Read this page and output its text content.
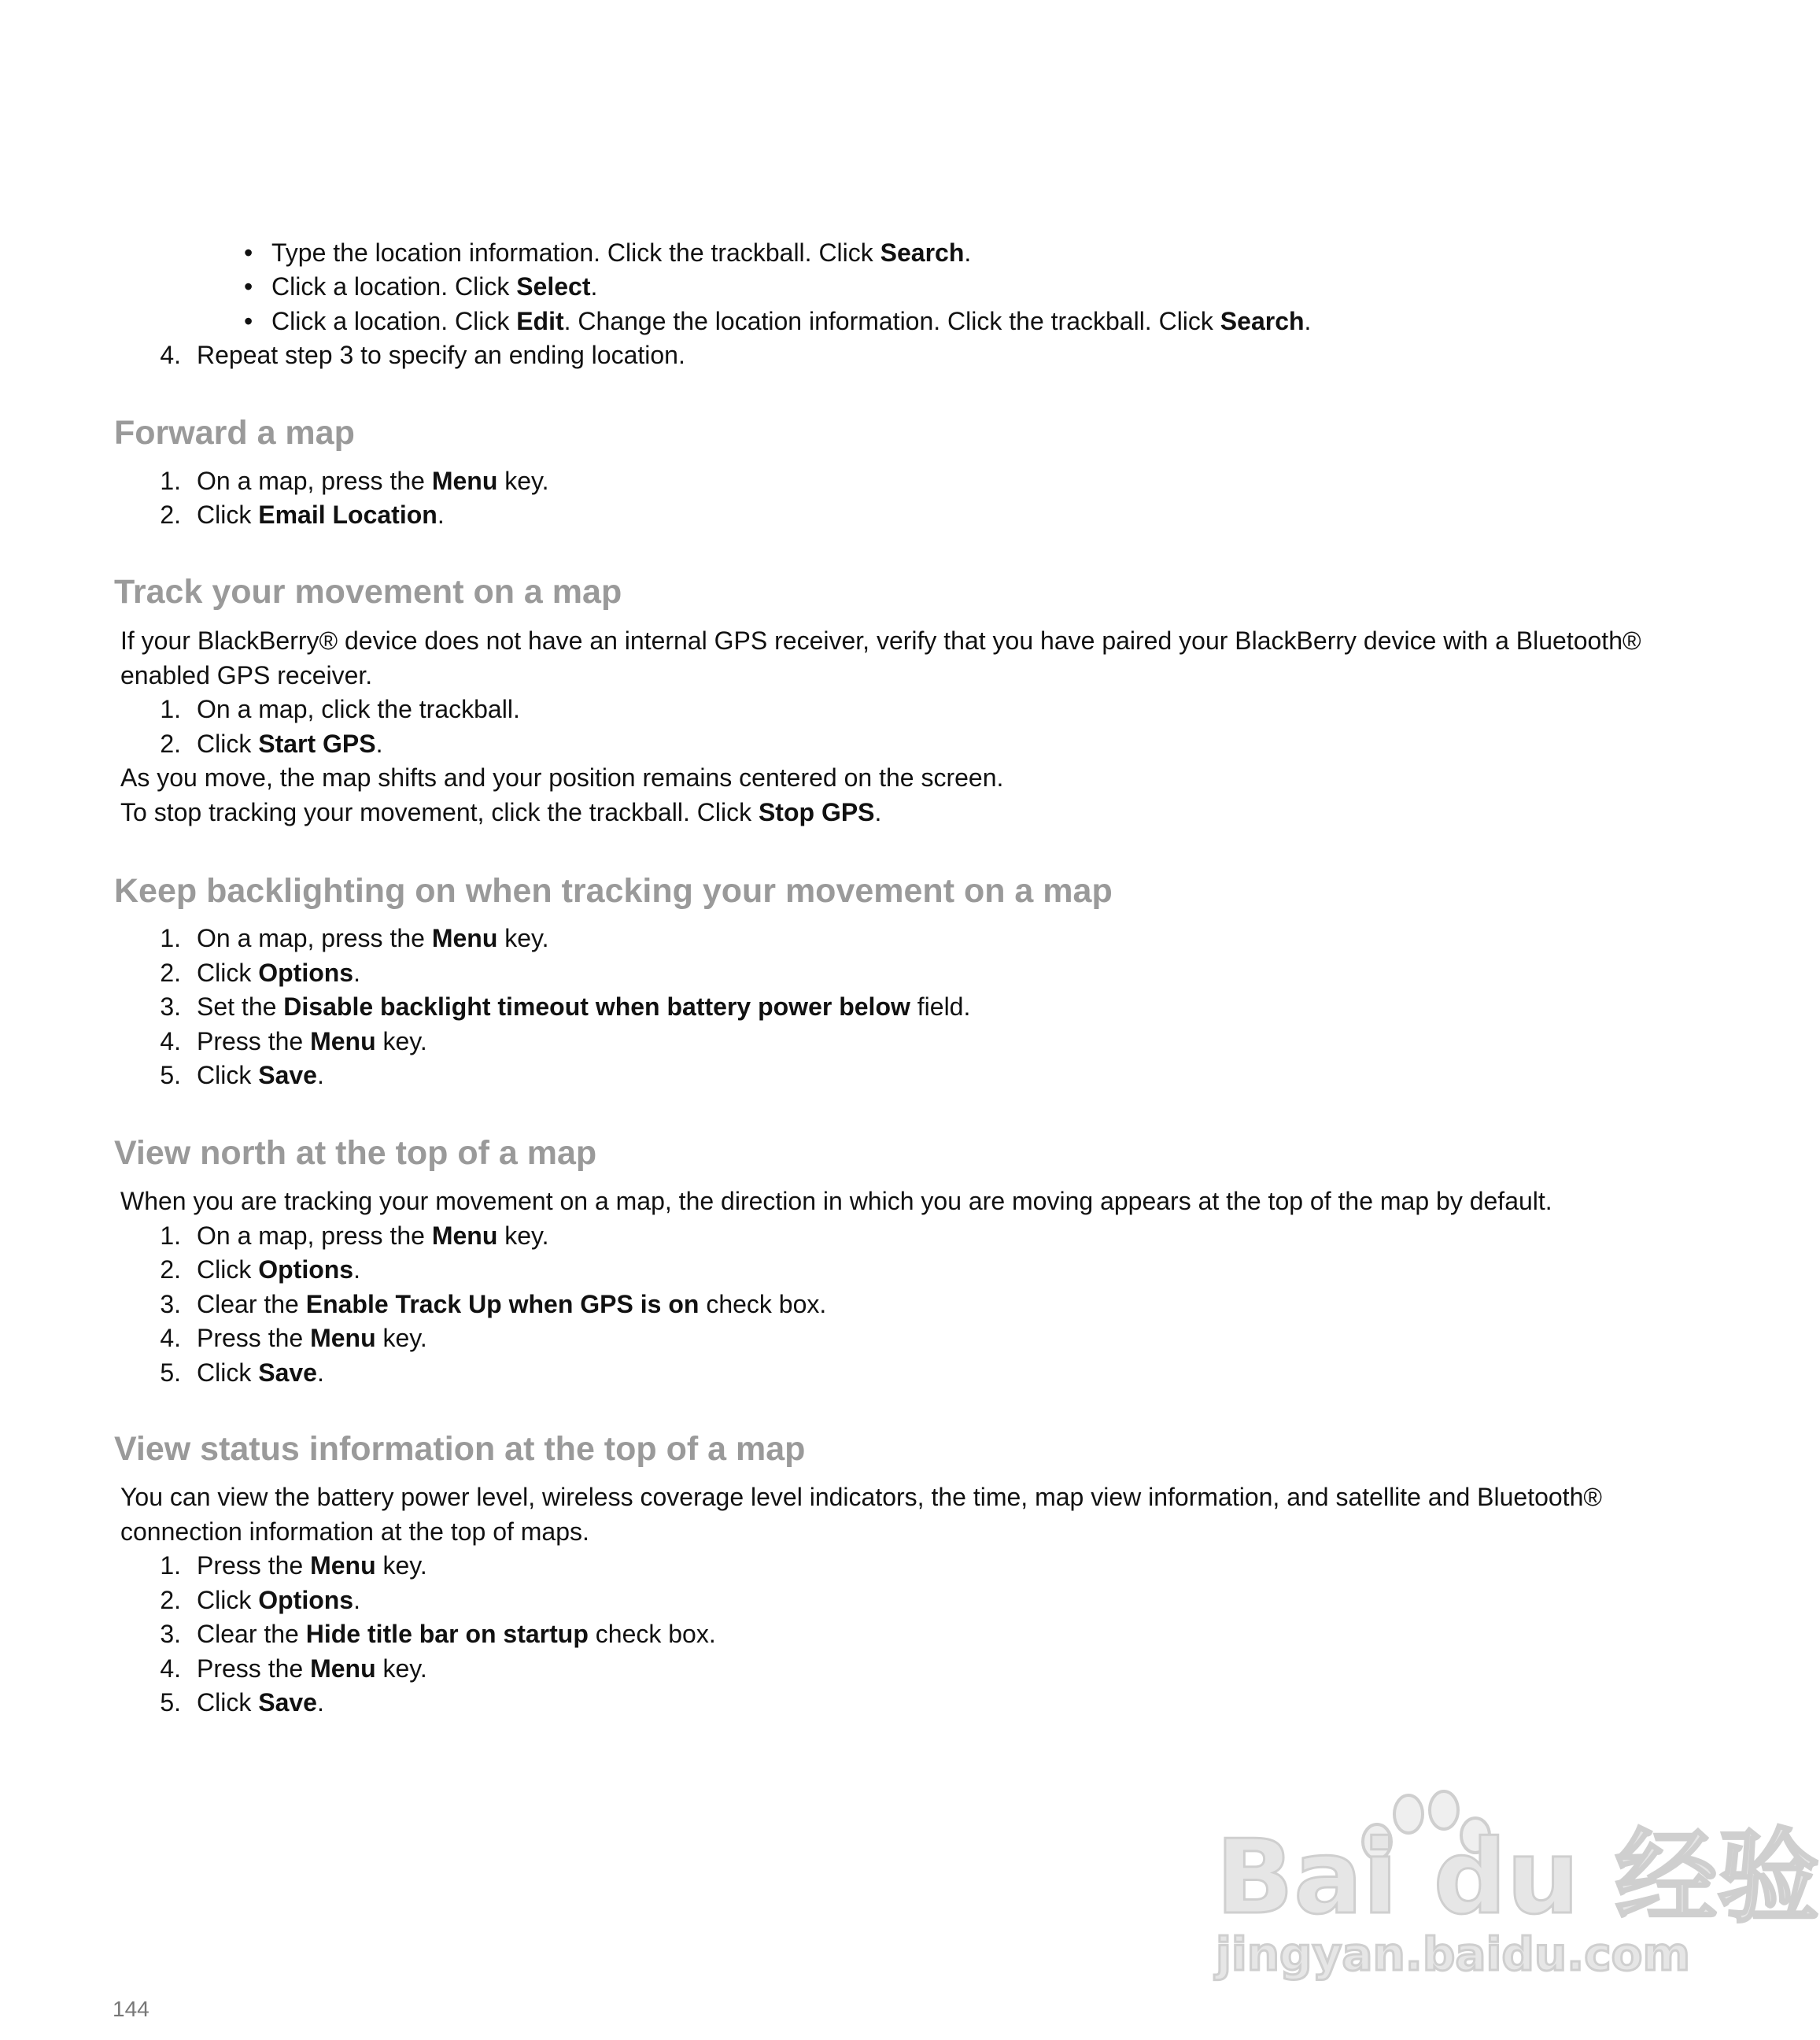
• Type the location information. Click the trackball. Click Search.
• Click a location. Click Select.
• Click a location. Click Edit. Change the location information. Click the trackball. Click Search.
4. Repeat step 3 to specify an ending location.
Forward a map
1. On a map, press the Menu key.
2. Click Email Location.
Track your movement on a map
If your BlackBerry® device does not have an internal GPS receiver, verify that you have paired your BlackBerry device with a Bluetooth®
enabled GPS receiver.
1. On a map, click the trackball.
2. Click Start GPS.
As you move, the map shifts and your position remains centered on the screen.
To stop tracking your movement, click the trackball. Click Stop GPS.
Keep backlighting on when tracking your movement on a map
1. On a map, press the Menu key.
2. Click Options.
3. Set the Disable backlight timeout when battery power below field.
4. Press the Menu key.
5. Click Save.
View north at the top of a map
When you are tracking your movement on a map, the direction in which you are moving appears at the top of the map by default.
1. On a map, press the Menu key.
2. Click Options.
3. Clear the Enable Track Up when GPS is on check box.
4. Press the Menu key.
5. Click Save.
View status information at the top of a map
You can view the battery power level, wireless coverage level indicators, the time, map view information, and satellite and Bluetooth®
connection information at the top of maps.
1. Press the Menu key.
2. Click Options.
3. Clear the Hide title bar on startup check box.
4. Press the Menu key.
5. Click Save.
144
Bai du 经验
jingyan.baidu.com
